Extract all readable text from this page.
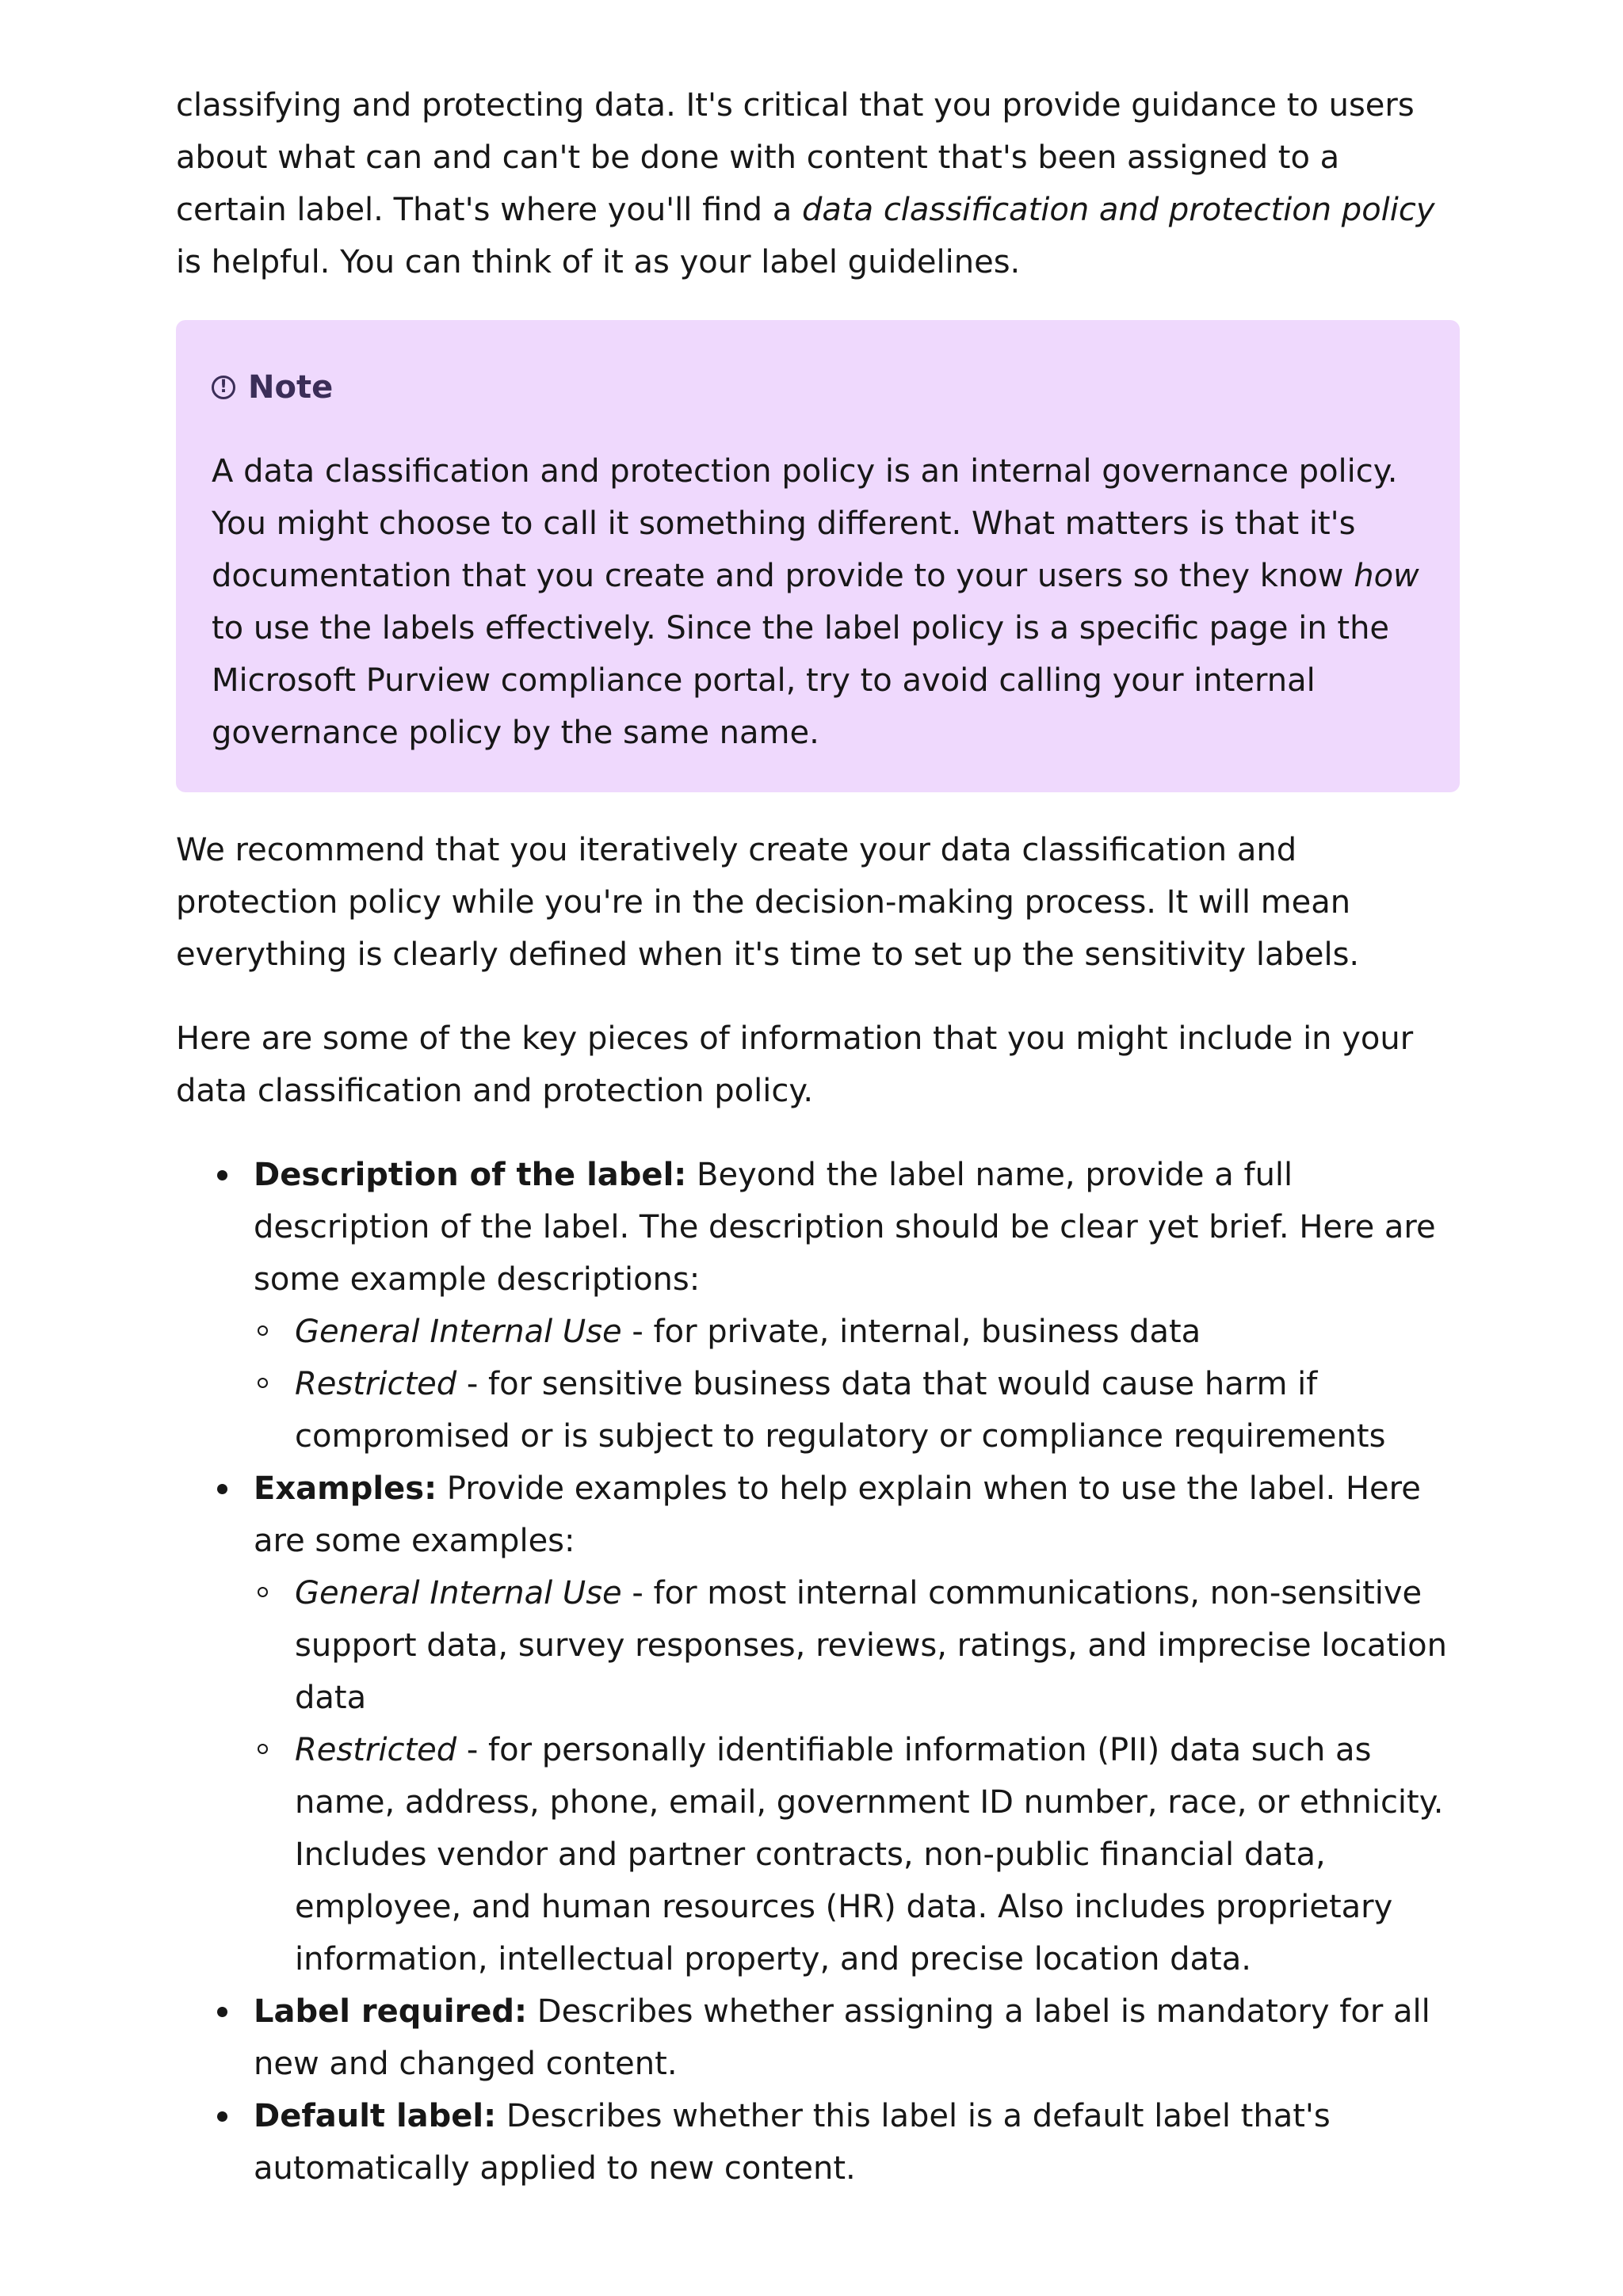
classifying and protecting data. It's critical that you provide guidance to users about what can and can't be done with content that's been assigned to a certain label. That's where you'll find a data classification and protection policy is helpful. You can think of it as your label guidelines.

! Note

A data classification and protection policy is an internal governance policy. You might choose to call it something different. What matters is that it's documentation that you create and provide to your users so they know how to use the labels effectively. Since the label policy is a specific page in the Microsoft Purview compliance portal, try to avoid calling your internal governance policy by the same name.

We recommend that you iteratively create your data classification and protection policy while you're in the decision-making process. It will mean everything is clearly defined when it's time to set up the sensitivity labels.

Here are some of the key pieces of information that you might include in your data classification and protection policy.

Description of the label: Beyond the label name, provide a full description of the label. The description should be clear yet brief. Here are some example descriptions:
General Internal Use - for private, internal, business data
Restricted - for sensitive business data that would cause harm if compromised or is subject to regulatory or compliance requirements
Examples: Provide examples to help explain when to use the label. Here are some examples:
General Internal Use - for most internal communications, non-sensitive support data, survey responses, reviews, ratings, and imprecise location data
Restricted - for personally identifiable information (PII) data such as name, address, phone, email, government ID number, race, or ethnicity. Includes vendor and partner contracts, non-public financial data, employee, and human resources (HR) data. Also includes proprietary information, intellectual property, and precise location data.
Label required: Describes whether assigning a label is mandatory for all new and changed content.
Default label: Describes whether this label is a default label that's automatically applied to new content.
